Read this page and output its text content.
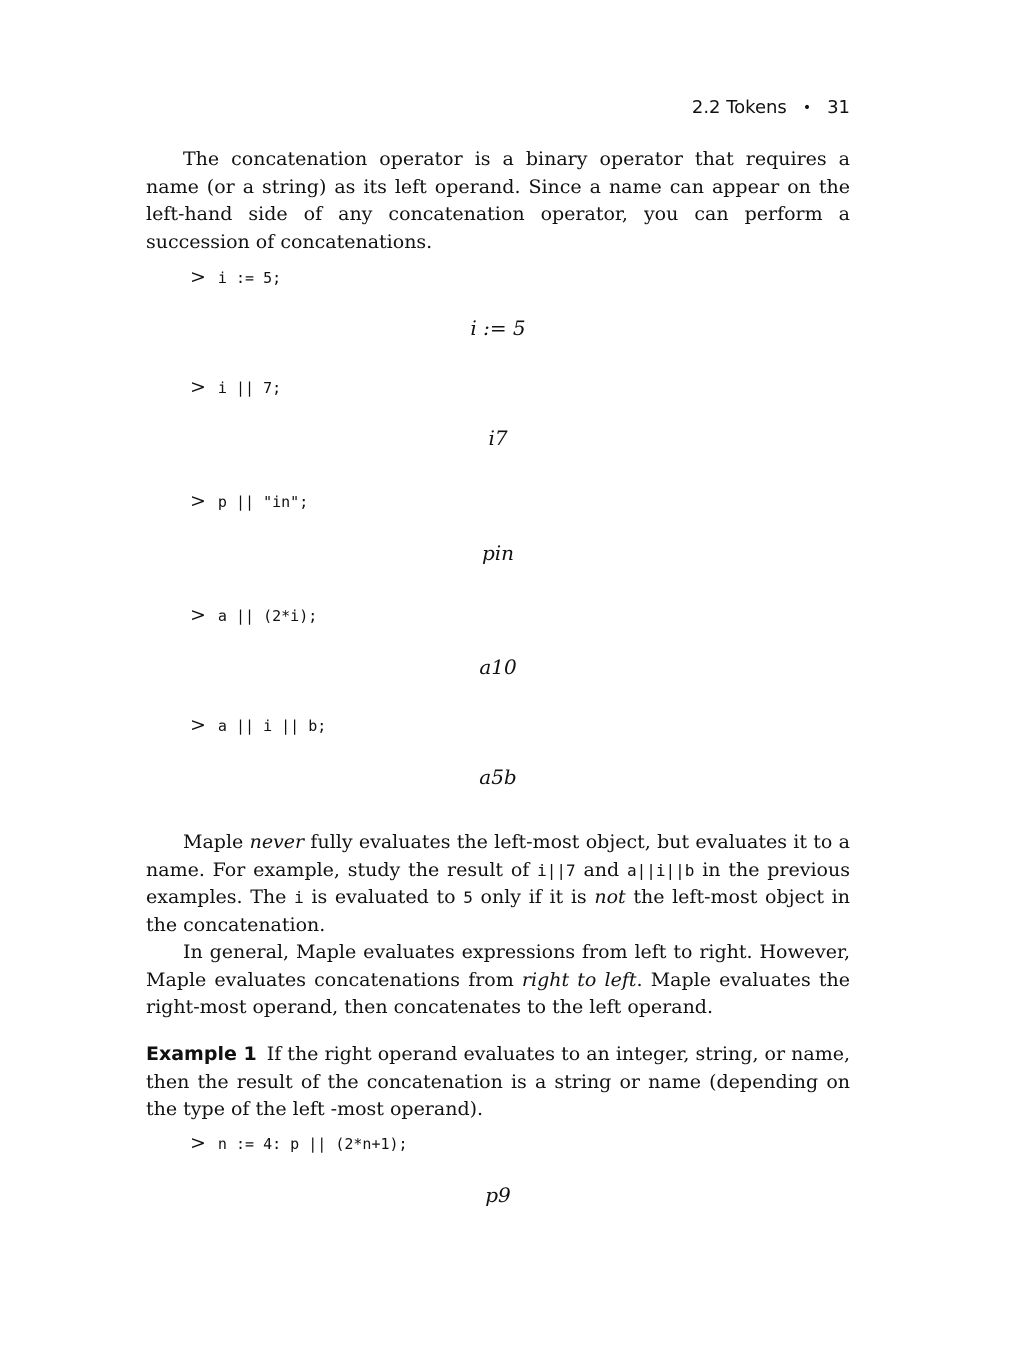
2.2 Tokens • 31

The concatenation operator is a binary operator that requires a name (or a string) as its left operand. Since a name can appear on the left-hand side of any concatenation operator, you can perform a succession of concatenations.

> i := 5;
i := 5
> i || 7;
i7
> p || "in";
pin
> a || (2*i);
a10
> a || i || b;
a5b

Maple never fully evaluates the left-most object, but evaluates it to a name. For example, study the result of i||7 and a||i||b in the previous examples. The i is evaluated to 5 only if it is not the left-most object in the concatenation.

In general, Maple evaluates expressions from left to right. However, Maple evaluates concatenations from right to left. Maple evaluates the right-most operand, then concatenates to the left operand.

Example 1 If the right operand evaluates to an integer, string, or name, then the result of the concatenation is a string or name (depending on the type of the left -most operand).

> n := 4: p || (2*n+1);
p9
